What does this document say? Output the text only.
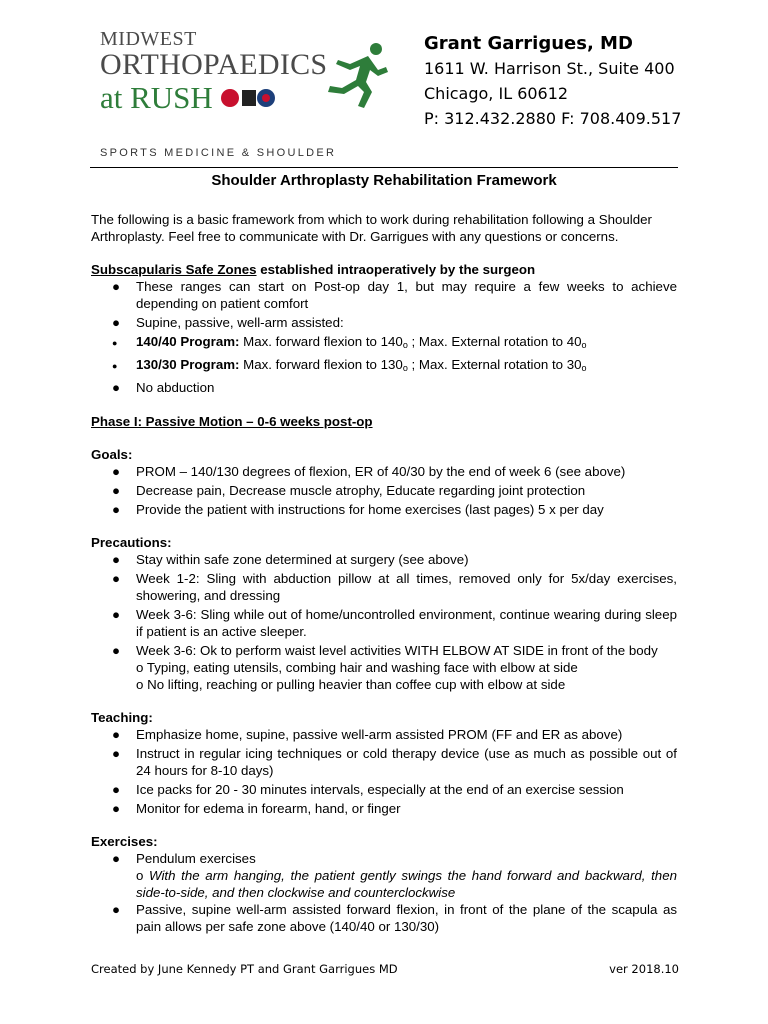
MIDWEST
ORTHOPAEDICS
at RUSH
SPORTS MEDICINE & SHOULDER
Grant Garrigues, MD
1611 W. Harrison St., Suite 400
Chicago, IL 60612
P: 312.432.2880 F: 708.409.517
Shoulder Arthroplasty Rehabilitation Framework

The following is a basic framework from which to work during rehabilitation following a Shoulder Arthroplasty. Feel free to communicate with Dr. Garrigues with any questions or concerns.

Subscapularis Safe Zones established intraoperatively by the surgeon

● These ranges can start on Post-op day 1, but may require a few weeks to achieve depending on patient comfort
● Supine, passive, well-arm assisted:
● 140/40 Program: Max. forward flexion to $140_o$ ; Max. External rotation to $40_o$
● 130/30 Program: Max. forward flexion to $130_o$ ; Max. External rotation to $30_o$
● No abduction

Phase I: Passive Motion – 0-6 weeks post-op

Goals:

● PROM – 140/130 degrees of flexion, ER of 40/30 by the end of week 6 (see above)
● Decrease pain, Decrease muscle atrophy, Educate regarding joint protection
● Provide the patient with instructions for home exercises (last pages) 5 x per day

Precautions:

● Stay within safe zone determined at surgery (see above)
● Week 1-2: Sling with abduction pillow at all times, removed only for 5x/day exercises, showering, and dressing
● Week 3-6: Sling while out of home/uncontrolled environment, continue wearing during sleep if patient is an active sleeper.
● Week 3-6: Ok to perform waist level activities WITH ELBOW AT SIDE in front of the body

o Typing, eating utensils, combing hair and washing face with elbow at side

o No lifting, reaching or pulling heavier than coffee cup with elbow at side

Teaching:

● Emphasize home, supine, passive well-arm assisted PROM (FF and ER as above)
● Instruct in regular icing techniques or cold therapy device (use as much as possible out of 24 hours for 8-10 days)
● Ice packs for 20 - 30 minutes intervals, especially at the end of an exercise session
● Monitor for edema in forearm, hand, or finger

Exercises:

● Pendulum exercises

o With the arm hanging, the patient gently swings the hand forward and backward, then side-to-side, and then clockwise and counterclockwise

● Passive, supine well-arm assisted forward flexion, in front of the plane of the scapula as pain allows per safe zone above (140/40 or 130/30)
Created by June Kennedy PT and Grant Garrigues MD	ver 2018.10
